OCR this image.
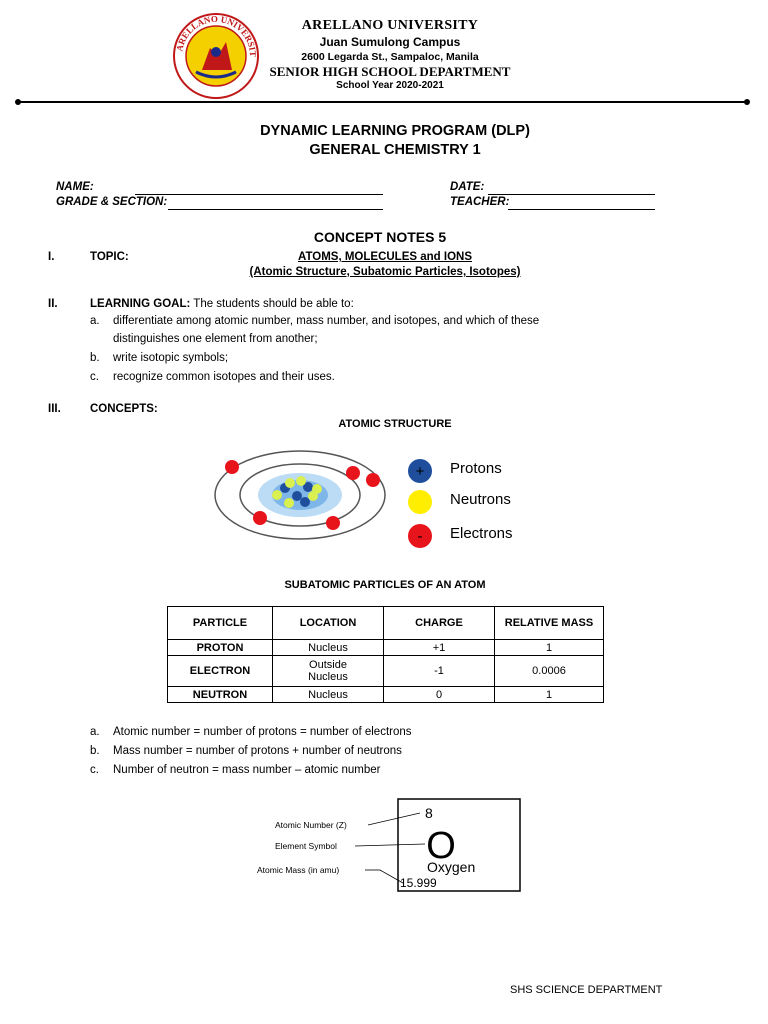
ARELLANO UNIVERSIT
ARELLANO UNIVERSITY
Juan Sumulong Campus
2600 Legarda St., Sampaloc, Manila
SENIOR HIGH SCHOOL DEPARTMENT
School Year 2020-2021
DYNAMIC LEARNING PROGRAM (DLP)
GENERAL CHEMISTRY 1
NAME:	DATE:
GRADE & SECTION:	TEACHER:
CONCEPT NOTES 5
I.	TOPIC:	ATOMS, MOLECULES and IONS
(Atomic Structure, Subatomic Particles, Isotopes)
II.	LEARNING GOAL: The students should be able to:
a. differentiate among atomic number, mass number, and isotopes, and which of these
distinguishes one element from another;
b. write isotopic symbols;
c. recognize common isotopes and their uses.
III.	CONCEPTS:
ATOMIC STRUCTURE
+
-
Protons
Neutrons
Electrons
SUBATOMIC PARTICLES OF AN ATOM
PARTICLE	LOCATION	CHARGE	RELATIVE MASS
PROTON	Nucleus	+1	1
ELECTRON	Outside Nucleus	-1	0.0006
NEUTRON	Nucleus	0	1
a. Atomic number = number of protons = number of electrons
b. Mass number = number of protons + number of neutrons
c. Number of neutron = mass number – atomic number
8
O
Oxygen
15.999
Atomic Number (Z)
Element Symbol
Atomic Mass (in amu)
SHS SCIENCE DEPARTMENT
